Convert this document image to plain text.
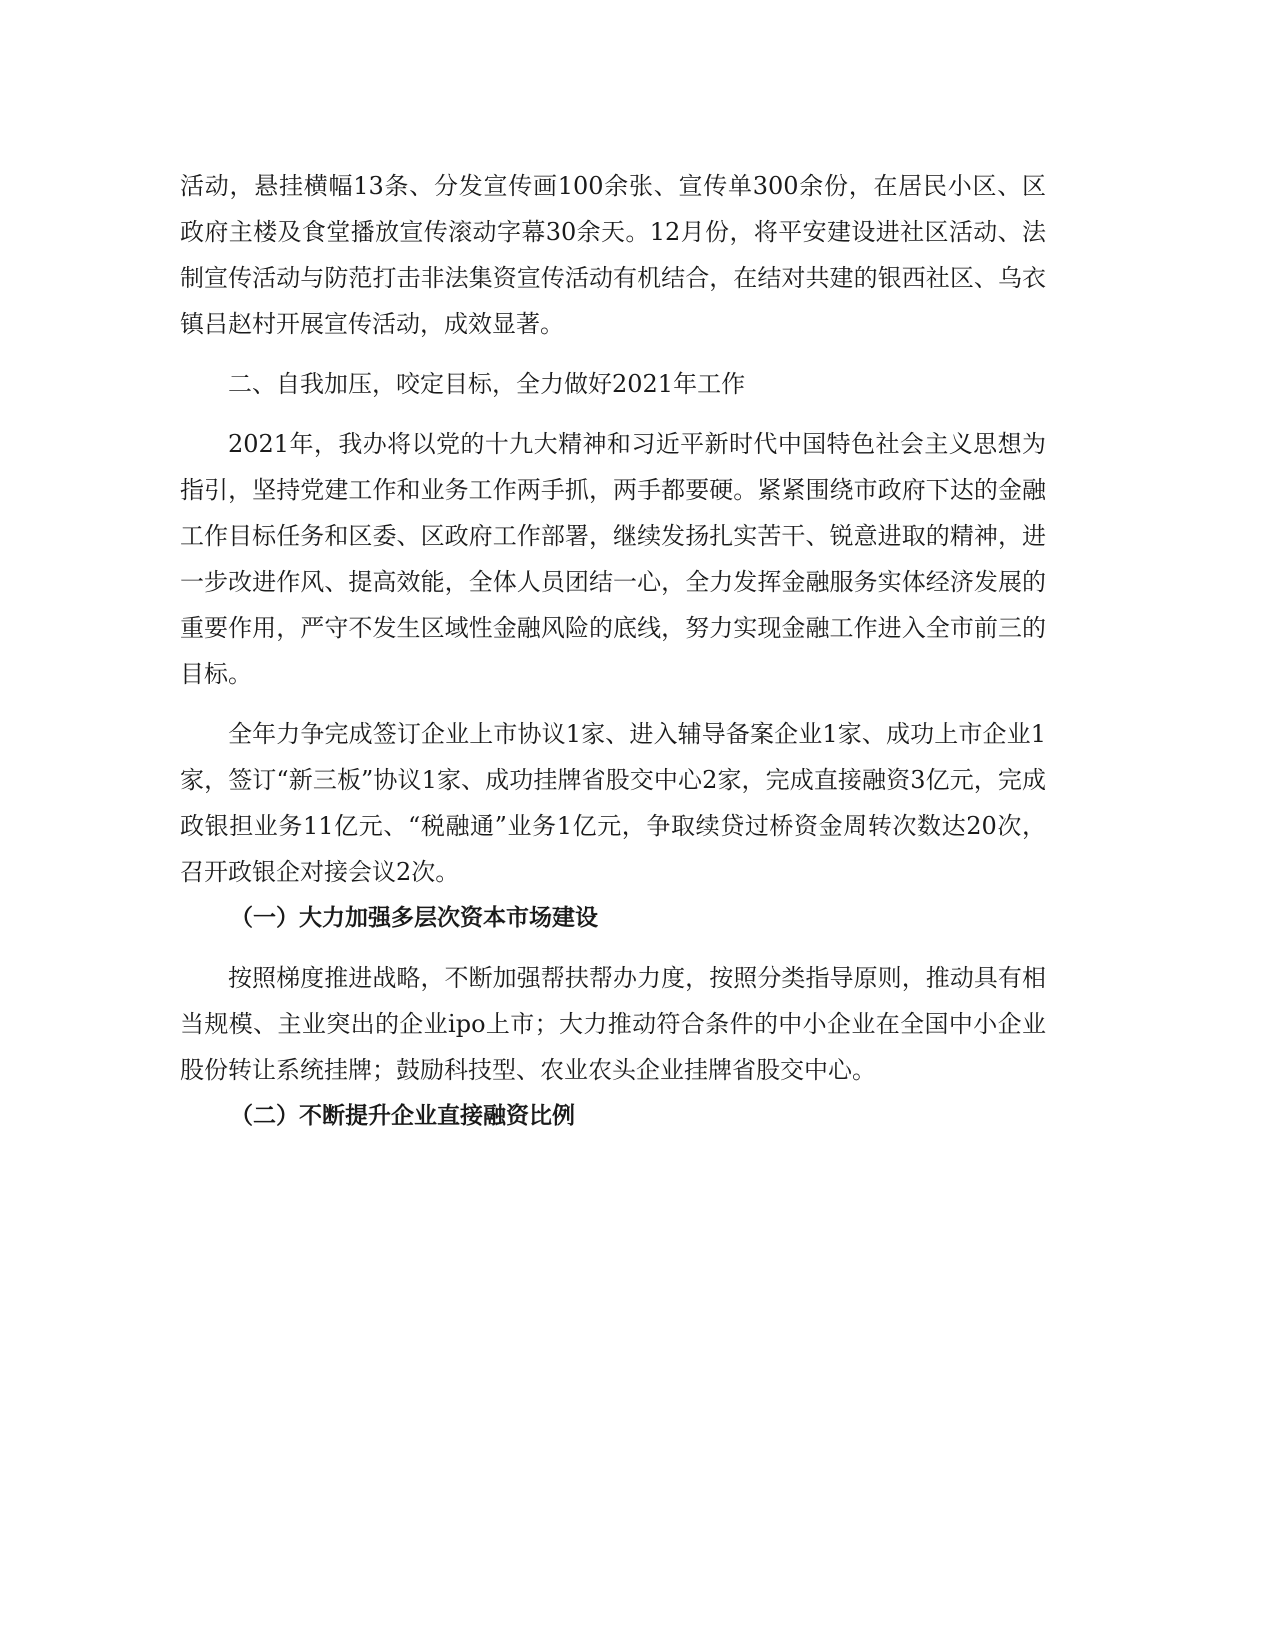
活动，悬挂横幅13条、分发宣传画100余张、宣传单300余份，在居民小区、区政府主楼及食堂播放宣传滚动字幕30余天。12月份，将平安建设进社区活动、法制宣传活动与防范打击非法集资宣传活动有机结合，在结对共建的银西社区、乌衣镇吕赵村开展宣传活动，成效显著。

二、自我加压，咬定目标，全力做好2021年工作

2021年，我办将以党的十九大精神和习近平新时代中国特色社会主义思想为指引，坚持党建工作和业务工作两手抓，两手都要硬。紧紧围绕市政府下达的金融工作目标任务和区委、区政府工作部署，继续发扬扎实苦干、锐意进取的精神，进一步改进作风、提高效能，全体人员团结一心，全力发挥金融服务实体经济发展的重要作用，严守不发生区域性金融风险的底线，努力实现金融工作进入全市前三的目标。

全年力争完成签订企业上市协议1家、进入辅导备案企业1家、成功上市企业1家，签订“新三板”协议1家、成功挂牌省股交中心2家，完成直接融资3亿元，完成政银担业务11亿元、“税融通”业务1亿元，争取续贷过桥资金周转次数达20次，召开政银企对接会议2次。

（一）大力加强多层次资本市场建设

按照梯度推进战略，不断加强帮扶帮办力度，按照分类指导原则，推动具有相当规模、主业突出的企业ipo上市；大力推动符合条件的中小企业在全国中小企业股份转让系统挂牌；鼓励科技型、农业农头企业挂牌省股交中心。

（二）不断提升企业直接融资比例
